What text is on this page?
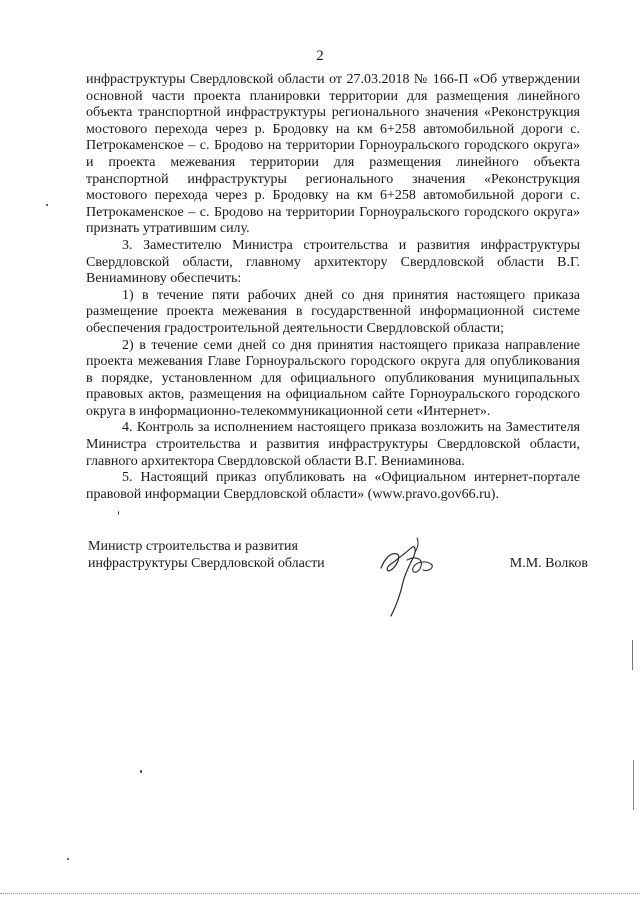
2

инфраструктуры Свердловской области от 27.03.2018 № 166-П «Об утверждении основной части проекта планировки территории для размещения линейного объекта транспортной инфраструктуры регионального значения «Реконструкция мостового перехода через р. Бродовку на км 6+258 автомобильной дороги с. Петрокаменское – с. Бродово на территории Горноуральского городского округа» и проекта межевания территории для размещения линейного объекта транспортной инфраструктуры регионального значения «Реконструкция мостового перехода через р. Бродовку на км 6+258 автомобильной дороги с. Петрокаменское – с. Бродово на территории Горноуральского городского округа» признать утратившим силу.

3. Заместителю Министра строительства и развития инфраструктуры Свердловской области, главному архитектору Свердловской области В.Г. Вениаминову обеспечить:

1) в течение пяти рабочих дней со дня принятия настоящего приказа размещение проекта межевания в государственной информационной системе обеспечения градостроительной деятельности Свердловской области;

2) в течение семи дней со дня принятия настоящего приказа направление проекта межевания Главе Горноуральского городского округа для опубликования в порядке, установленном для официального опубликования муниципальных правовых актов, размещения на официальном сайте Горноуральского городского округа в информационно-телекоммуникационной сети «Интернет».

4. Контроль за исполнением настоящего приказа возложить на Заместителя Министра строительства и развития инфраструктуры Свердловской области, главного архитектора Свердловской области В.Г. Вениаминова.

5. Настоящий приказ опубликовать на «Официальном интернет-портале правовой информации Свердловской области» (www.pravo.gov66.ru).

Министр строительства и развития
инфраструктуры Свердловской области	М.М. Волков
